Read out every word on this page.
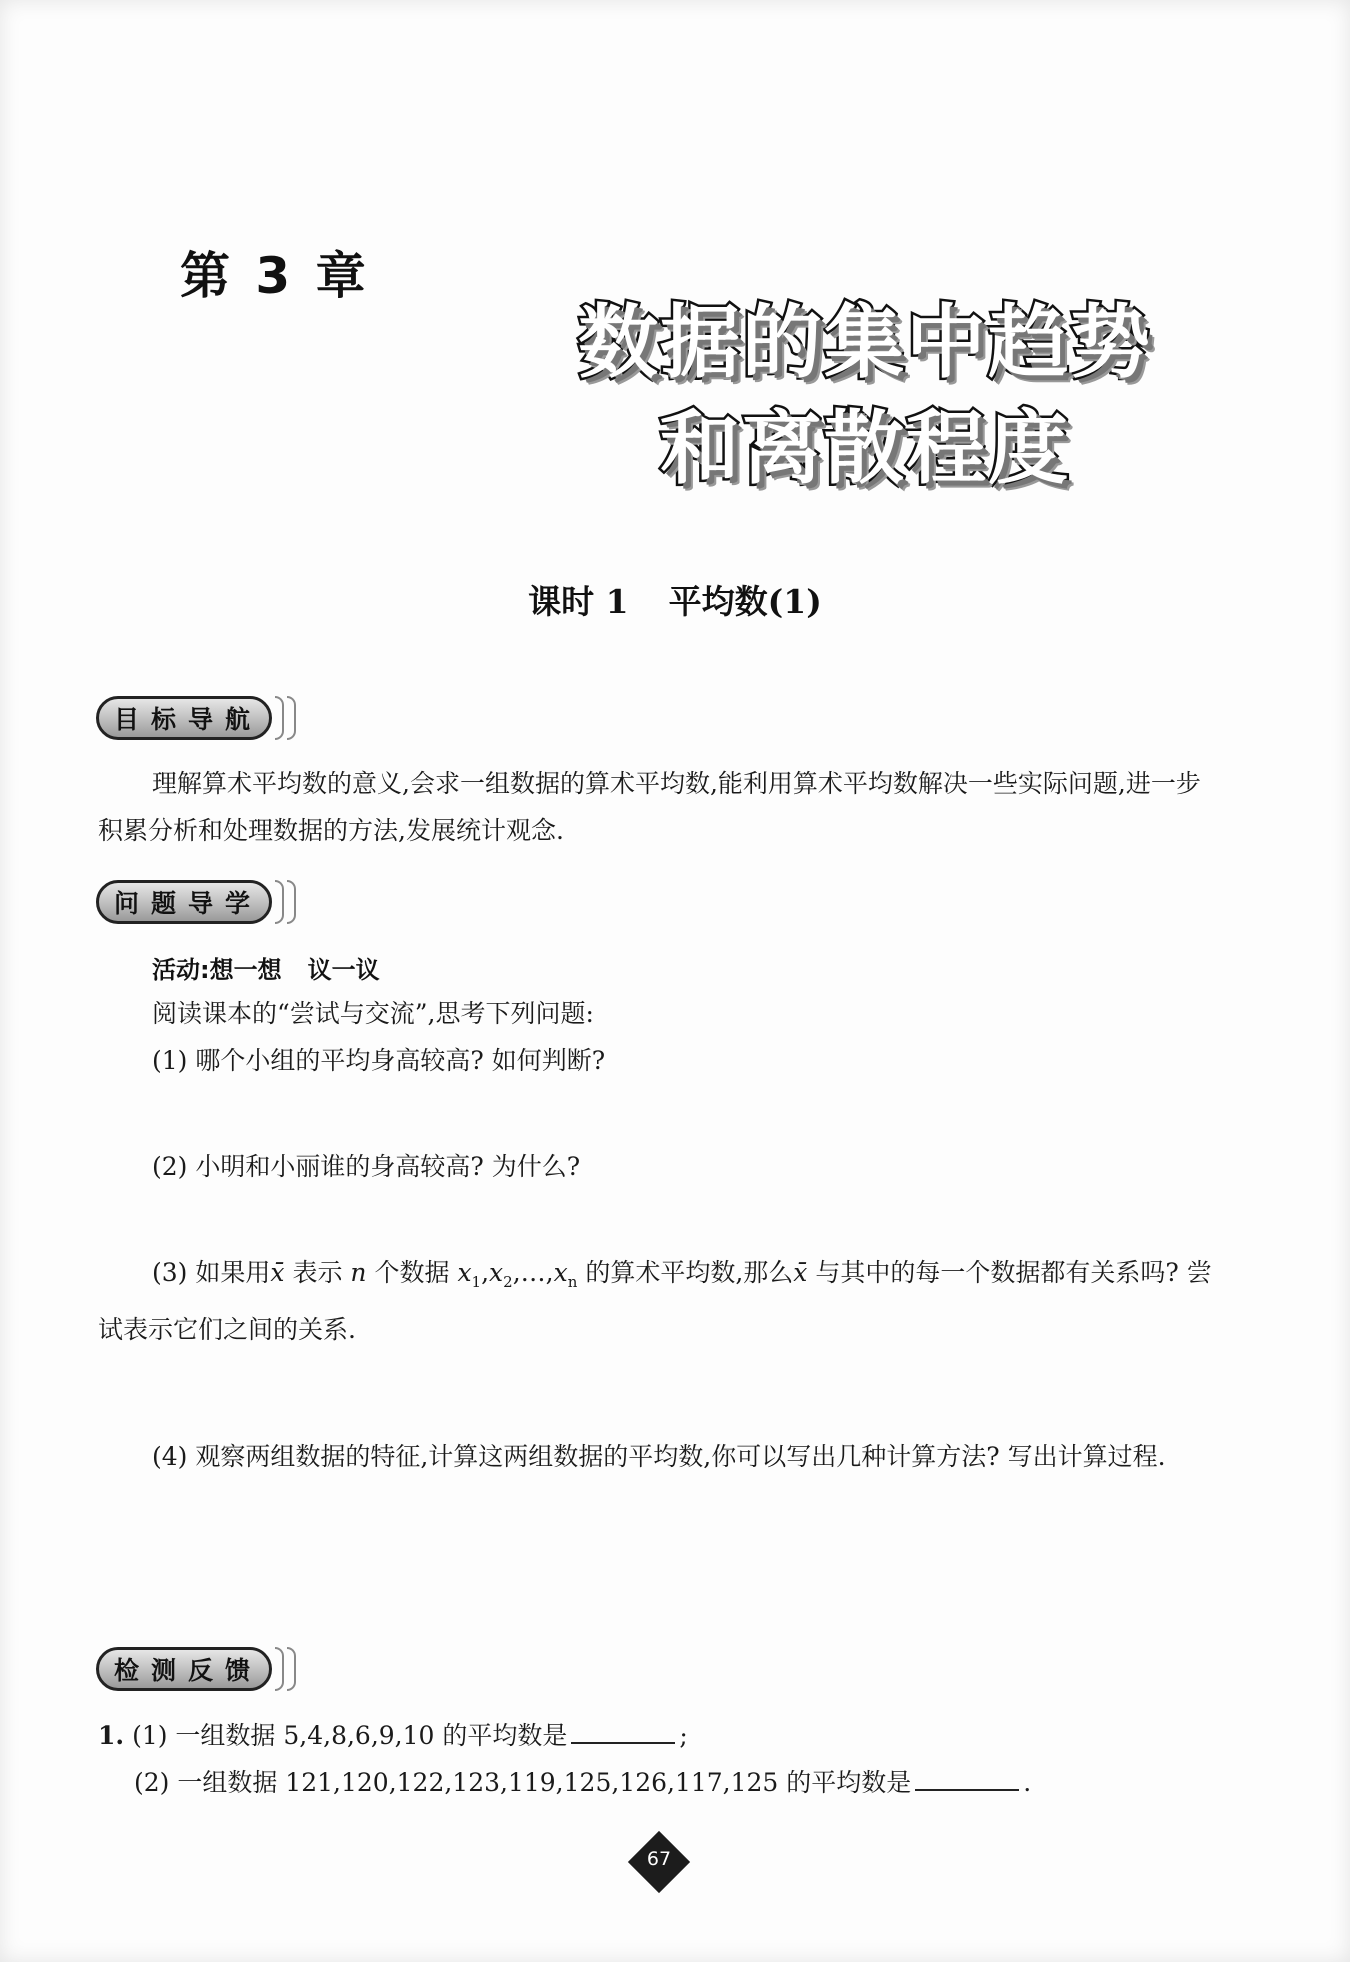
第 3 章
数据的集中趋势
和离散程度
课时 1 平均数(1)
目标导航
理解算术平均数的意义,会求一组数据的算术平均数,能利用算术平均数解决一些实际问题,进一步积累分析和处理数据的方法,发展统计观念.
问题导学
活动:想一想 议一议
阅读课本的“尝试与交流”,思考下列问题:
(1) 哪个小组的平均身高较高? 如何判断?
(2) 小明和小丽谁的身高较高? 为什么?
(3) 如果用x̄ 表示 n 个数据 $x_1,x_2,\dots,x_n$ 的算术平均数,那么x̄ 与其中的每一个数据都有关系吗? 尝试表示它们之间的关系.
(4) 观察两组数据的特征,计算这两组数据的平均数,你可以写出几种计算方法? 写出计算过程.
检测反馈
1. (1) 一组数据 5,4,8,6,9,10 的平均数是	;
(2) 一组数据 121,120,122,123,119,125,126,117,125 的平均数是	.
67
